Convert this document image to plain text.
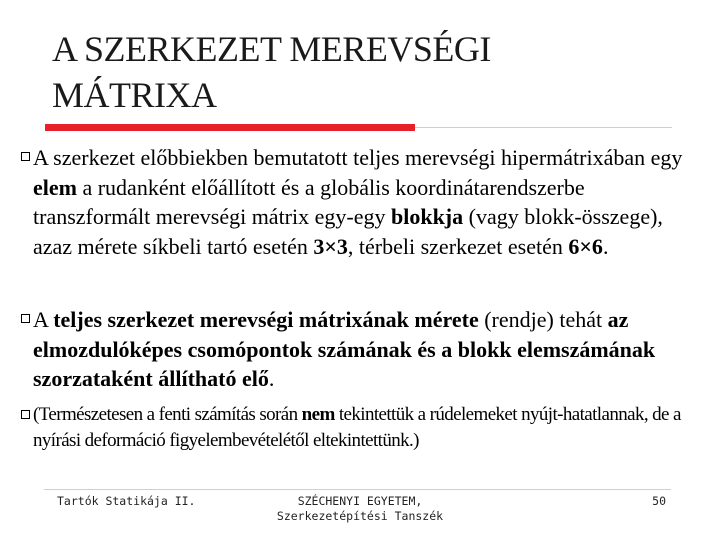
A SZERKEZET MEREVSÉGI
MÁTRIXA

A szerkezet előbbiekben bemutatott teljes merevségi hipermátrixában egy elem a rudanként előállított és a globális koordinátarendszerbe transzformált merevségi mátrix egy-egy blokkja (vagy blokk-összege), azaz mérete síkbeli tartó esetén 3×3, térbeli szerkezet esetén 6×6.

A teljes szerkezet merevségi mátrixának mérete (rendje) tehát az elmozdulóképes csomópontok számának és a blokk elemszámának szorzataként állítható elő.

(Természetesen a fenti számítás során nem tekintettük a rúdelemeket nyújt-hatatlannak, de a nyírási deformáció figyelembevételétől eltekintettünk.)

Tartók Statikája II.	SZÉCHENYI EGYETEM,
Szerkezetépítési Tanszék
50
